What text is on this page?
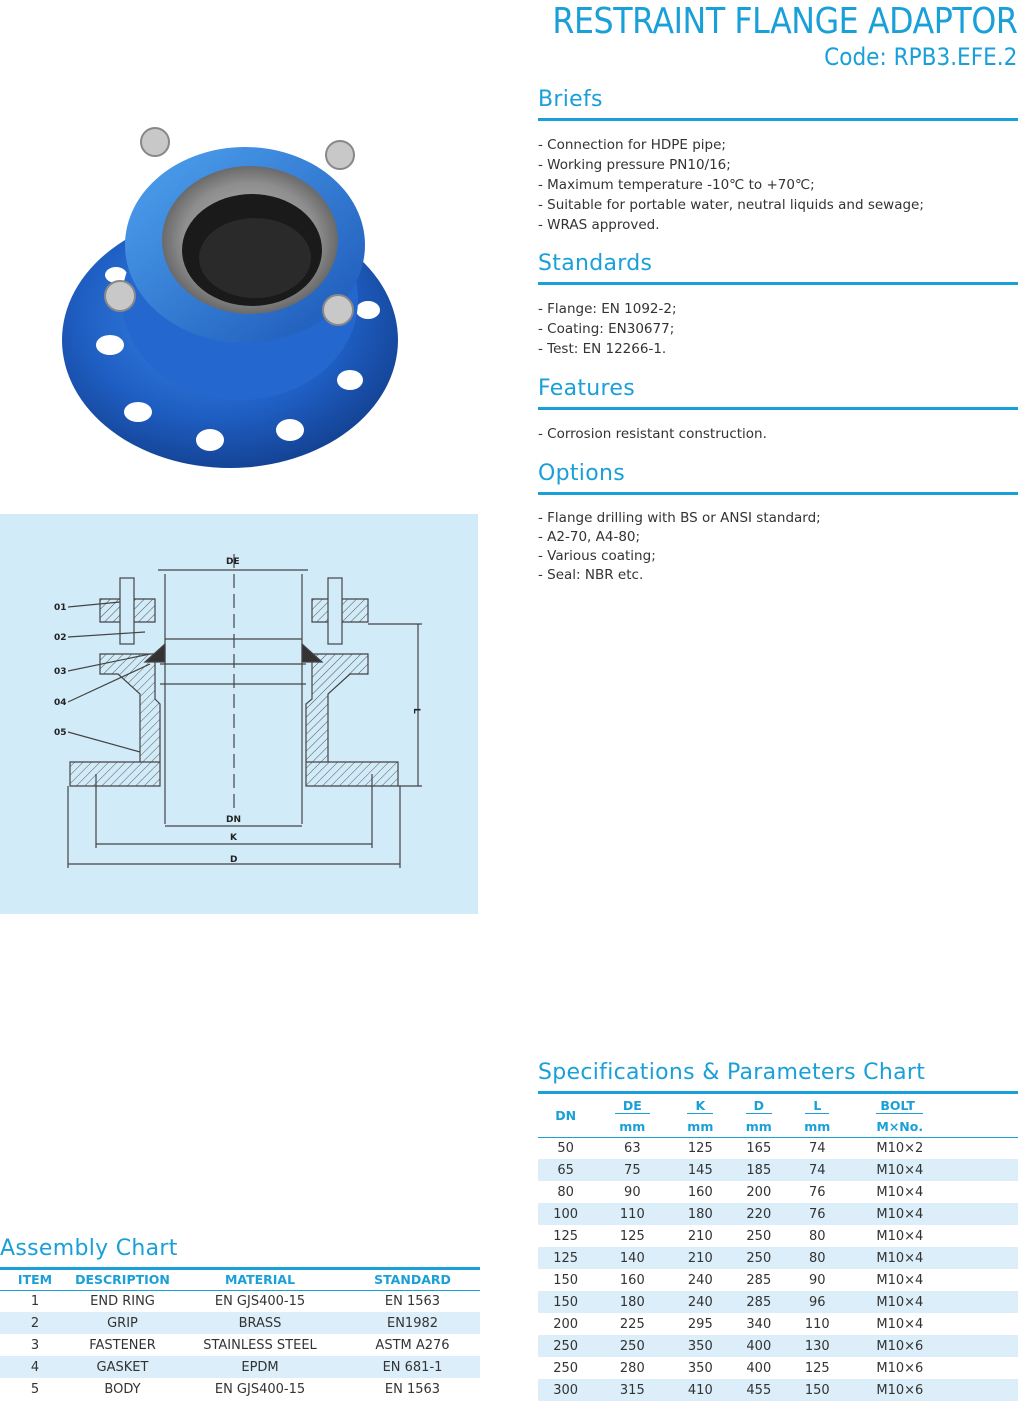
RESTRAINT FLANGE ADAPTOR
Code: RPB3.EFE.2
01
02
03
04
05
DE
DN
K
D
L
Briefs
- Connection for HDPE pipe;
- Working pressure PN10/16;
- Maximum temperature -10℃ to +70℃;
- Suitable for portable water, neutral liquids and sewage;
- WRAS approved.
Standards
- Flange: EN 1092-2;
- Coating: EN30677;
- Test: EN 12266-1.
Features
- Corrosion resistant construction.
Options
- Flange drilling with BS or ANSI standard;
- A2-70, A4-80;
- Various coating;
- Seal: NBR etc.
Specifications & Parameters Chart
DN	DE	K	D	L	BOLT
	mm	mm	mm	mm	M×No.
50	63	125	165	74	M10×2
65	75	145	185	74	M10×4
80	90	160	200	76	M10×4
100	110	180	220	76	M10×4
125	125	210	250	80	M10×4
125	140	210	250	80	M10×4
150	160	240	285	90	M10×4
150	180	240	285	96	M10×4
200	225	295	340	110	M10×4
250	250	350	400	130	M10×6
250	280	350	400	125	M10×6
300	315	410	455	150	M10×6
Assembly Chart
ITEM	DESCRIPTION	MATERIAL	STANDARD
1	END RING	EN GJS400-15	EN 1563
2	GRIP	BRASS	EN1982
3	FASTENER	STAINLESS STEEL	ASTM A276
4	GASKET	EPDM	EN 681-1
5	BODY	EN GJS400-15	EN 1563
